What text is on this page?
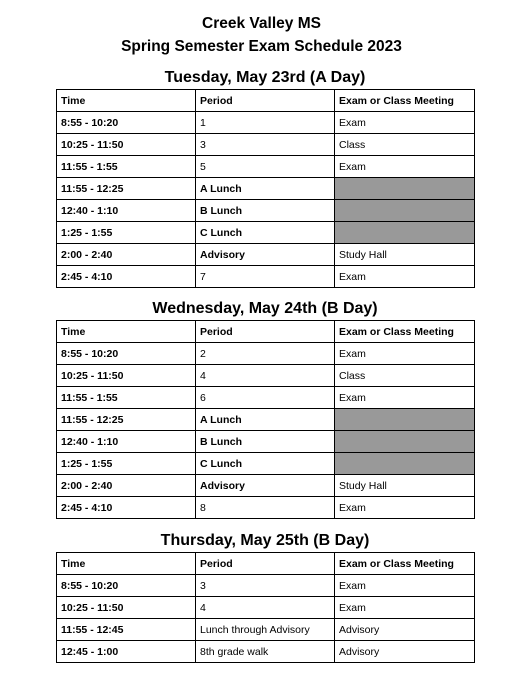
Creek Valley MS
Spring Semester Exam Schedule 2023
Tuesday, May 23rd (A Day)
Time	Period	Exam or Class Meeting
8:55 - 10:20	1	Exam
10:25 - 11:50	3	Class
11:55 - 1:55	5	Exam
11:55 - 12:25	A Lunch	
12:40 - 1:10	B Lunch	
1:25 - 1:55	C Lunch	
2:00 - 2:40	Advisory	Study Hall
2:45 - 4:10	7	Exam
Wednesday, May 24th (B Day)
Time	Period	Exam or Class Meeting
8:55 - 10:20	2	Exam
10:25 - 11:50	4	Class
11:55 - 1:55	6	Exam
11:55 - 12:25	A Lunch	
12:40 - 1:10	B Lunch	
1:25 - 1:55	C Lunch	
2:00 - 2:40	Advisory	Study Hall
2:45 - 4:10	8	Exam
Thursday, May 25th (B Day)
Time	Period	Exam or Class Meeting
8:55 - 10:20	3	Exam
10:25 - 11:50	4	Exam
11:55 - 12:45	Lunch through Advisory	Advisory
12:45 - 1:00	8th grade walk	Advisory
